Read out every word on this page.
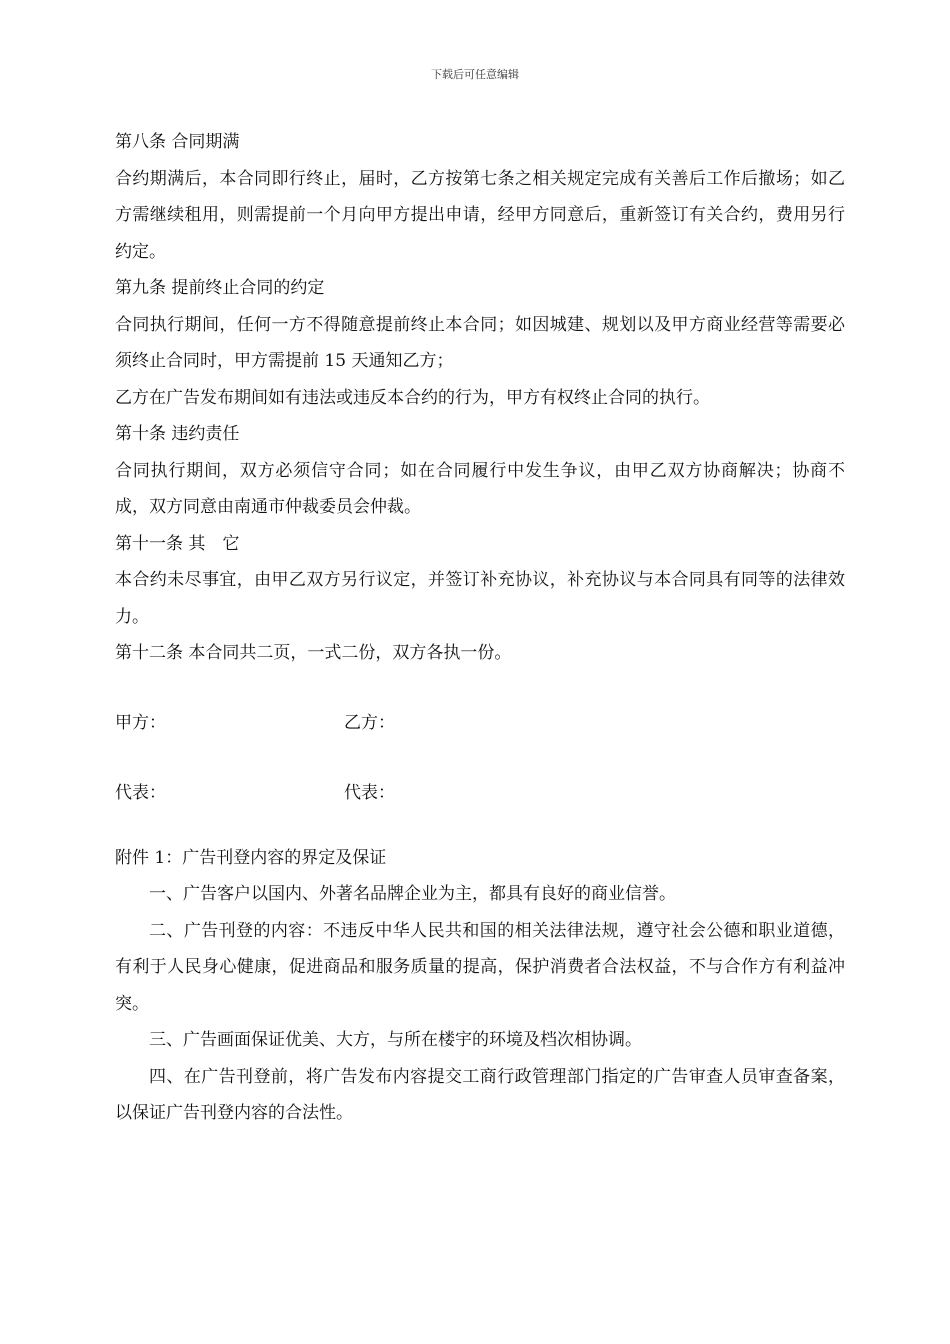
下载后可任意编辑

第八条 合同期满

合约期满后，本合同即行终止，届时，乙方按第七条之相关规定完成有关善后工作后撤场；如乙方需继续租用，则需提前一个月向甲方提出申请，经甲方同意后，重新签订有关合约，费用另行约定。

第九条 提前终止合同的约定

合同执行期间，任何一方不得随意提前终止本合同；如因城建、规划以及甲方商业经营等需要必须终止合同时，甲方需提前 15 天通知乙方；

乙方在广告发布期间如有违法或违反本合约的行为，甲方有权终止合同的执行。

第十条 违约责任

合同执行期间，双方必须信守合同；如在合同履行中发生争议，由甲乙双方协商解决；协商不成，双方同意由南通市仲裁委员会仲裁。

第十一条 其　它

本合约未尽事宜，由甲乙双方另行议定，并签订补充协议，补充协议与本合同具有同等的法律效力。

第十二条 本合同共二页，一式二份，双方各执一份。

甲方：	乙方：
代表：	代表：

附件 1：广告刊登内容的界定及保证

一、广告客户以国内、外著名品牌企业为主，都具有良好的商业信誉。

二、广告刊登的内容：不违反中华人民共和国的相关法律法规，遵守社会公德和职业道德，有利于人民身心健康，促进商品和服务质量的提高，保护消费者合法权益，不与合作方有利益冲突。

三、广告画面保证优美、大方，与所在楼宇的环境及档次相协调。

四、在广告刊登前，将广告发布内容提交工商行政管理部门指定的广告审查人员审查备案，以保证广告刊登内容的合法性。
